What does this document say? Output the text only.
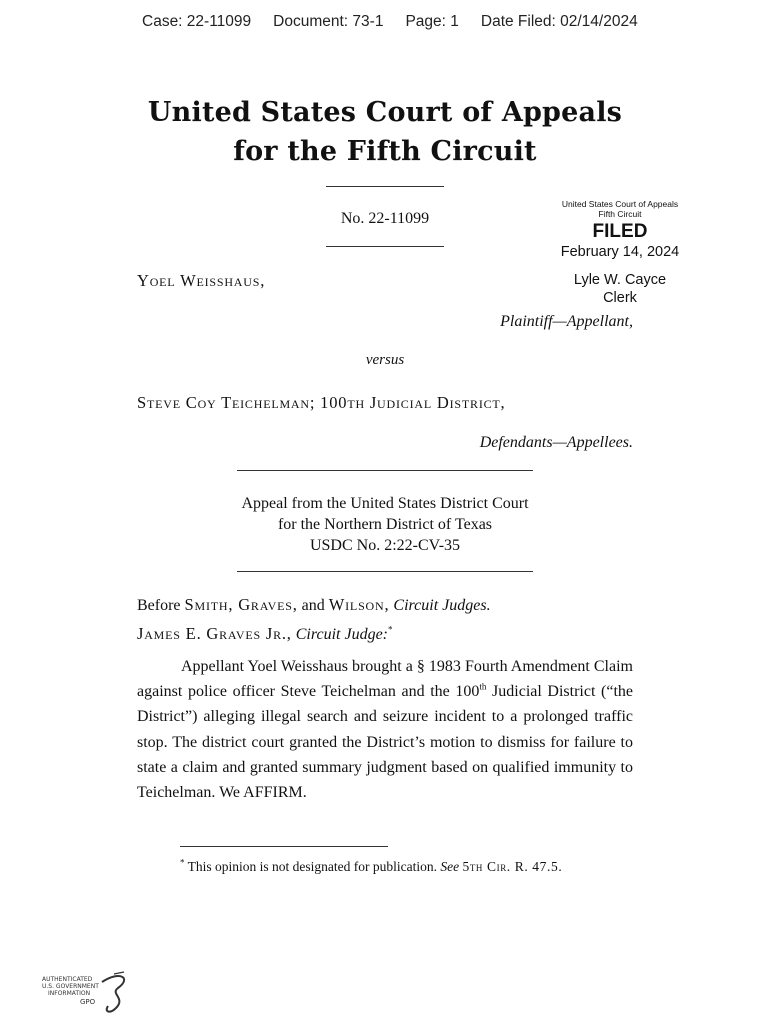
Case: 22-11099 Document: 73-1 Page: 1 Date Filed: 02/14/2024
United States Court of Appeals
for the Fifth Circuit
No. 22-11099
United States Court of Appeals
Fifth Circuit
FILED
February 14, 2024
Lyle W. Cayce
Clerk
Yoel Weisshaus,
Plaintiff—Appellant,
versus
Steve Coy Teichelman; 100th Judicial District,
Defendants—Appellees.
Appeal from the United States District Court
for the Northern District of Texas
USDC No. 2:22-CV-35
Before Smith, Graves, and Wilson, Circuit Judges.
James E. Graves Jr., Circuit Judge:*

Appellant Yoel Weisshaus brought a § 1983 Fourth Amendment Claim against police officer Steve Teichelman and the 100th Judicial District (“the District”) alleging illegal search and seizure incident to a prolonged traffic stop. The district court granted the District’s motion to dismiss for failure to state a claim and granted summary judgment based on qualified immunity to Teichelman. We AFFIRM.

* This opinion is not designated for publication. See 5th Cir. R. 47.5.
AUTHENTICATED
U.S. GOVERNMENT
INFORMATION
GPO
